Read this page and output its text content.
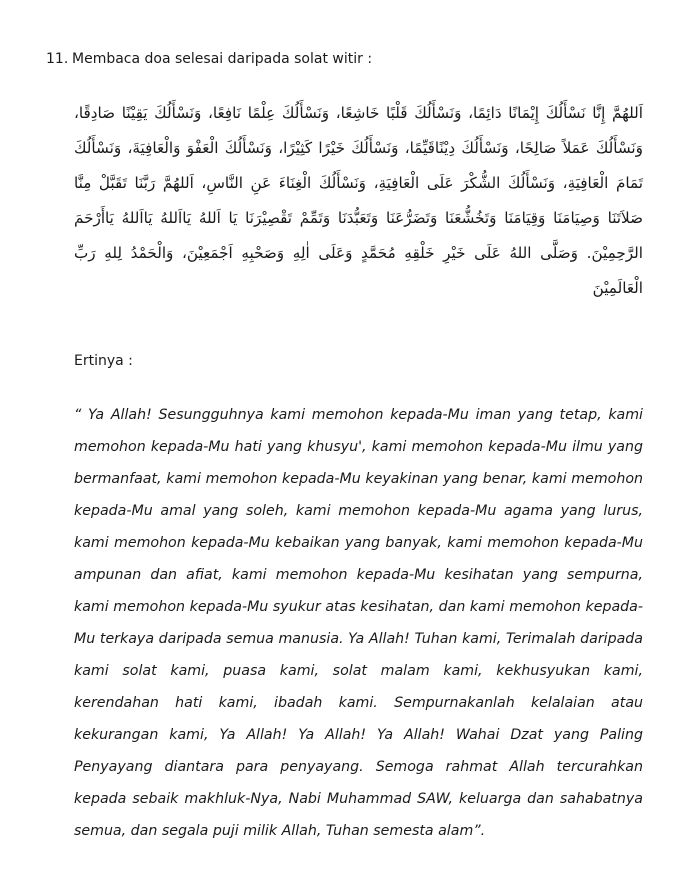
11. Membaca doa selesai daripada solat witir :

اَللهُمَّ إِنَّا نَسْأَلُكَ إِيْمَانًا دَائِمًا، وَنَسْأَلُكَ قَلْبًا خَاشِعًا، وَنَسْأَلُكَ عِلْمًا نَافِعًا، وَنَسْأَلُكَ يَقِيْنًا صَادِقًا، وَنَسْأَلُكَ عَمَلاً صَالِحًا، وَنَسْأَلُكَ دِيْنًاقَيِّمًا، وَنَسْأَلُكَ خَيْرًا كَثِيْرًا، وَنَسْأَلُكَ الْعَفْوَ وَالْعَافِيَةَ، وَنَسْأَلُكَ تَمَامَ الْعَافِيَةِ، وَنَسْأَلُكَ الشُّكْرَ عَلَى الْعَافِيَةِ، وَنَسْأَلُكَ الْغِنَاءَ عَنِ النَّاسِ، اَللهُمَّ رَبَّنَا تَقَبَّلْ مِنَّا صَلاَتَنَا وَصِيَامَنَا وَقِيَامَنَا وَتَخُشُّعَنَا وَتَضَرُّعَنَا وَتَعَبُّدَنَا وَتَمِّمْ تَقْصِيْرَنَا يَا اَللهُ يَااَللهُ يَااَللهُ يَاأَرْحَمَ الرَّحِمِيْنَ. وَصَلَّى اللهُ عَلَى خَيْرِ خَلْقِهِ مُحَمَّدٍ وَعَلَى اٰلِهِ وَصَحْبِهِ اَجْمَعِيْنَ، وَالْحَمْدُ لِلهِ رَبِّ الْعَالَمِيْنَ

Ertinya :

“ Ya Allah! Sesungguhnya kami memohon kepada-Mu iman yang tetap, kami memohon kepada-Mu hati yang khusyu', kami memohon kepada-Mu ilmu yang bermanfaat, kami memohon kepada-Mu keyakinan yang benar, kami memohon kepada-Mu amal yang soleh, kami memohon kepada-Mu agama yang lurus, kami memohon kepada-Mu kebaikan yang banyak, kami memohon kepada-Mu ampunan dan afiat, kami memohon kepada-Mu kesihatan yang sempurna, kami memohon kepada-Mu syukur atas kesihatan, dan kami memohon kepada-Mu terkaya daripada semua manusia. Ya Allah! Tuhan kami, Terimalah daripada kami solat kami, puasa kami, solat malam kami, kekhusyukan kami, kerendahan hati kami, ibadah kami. Sempurnakanlah kelalaian atau kekurangan kami, Ya Allah! Ya Allah! Ya Allah! Wahai Dzat yang Paling Penyayang diantara para penyayang. Semoga rahmat Allah tercurahkan kepada sebaik makhluk-Nya, Nabi Muhammad SAW, keluarga dan sahabatnya semua, dan segala puji milik Allah, Tuhan semesta alam”.
